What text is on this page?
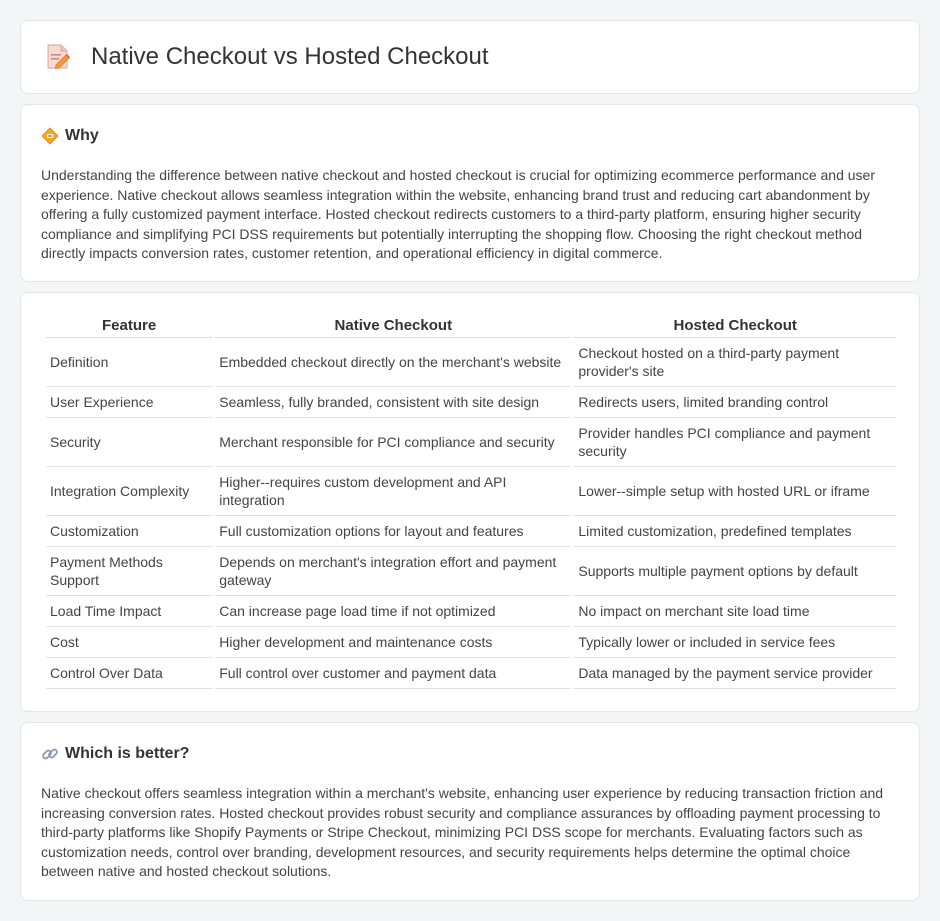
Native Checkout vs Hosted Checkout
Why

Understanding the difference between native checkout and hosted checkout is crucial for optimizing ecommerce performance and user experience. Native checkout allows seamless integration within the website, enhancing brand trust and reducing cart abandonment by offering a fully customized payment interface. Hosted checkout redirects customers to a third-party platform, ensuring higher security compliance and simplifying PCI DSS requirements but potentially interrupting the shopping flow. Choosing the right checkout method directly impacts conversion rates, customer retention, and operational efficiency in digital commerce.

Feature	Native Checkout	Hosted Checkout
Definition	Embedded checkout directly on the merchant's website	Checkout hosted on a third-party payment provider's site
User Experience	Seamless, fully branded, consistent with site design	Redirects users, limited branding control
Security	Merchant responsible for PCI compliance and security	Provider handles PCI compliance and payment security
Integration Complexity	Higher--requires custom development and API integration	Lower--simple setup with hosted URL or iframe
Customization	Full customization options for layout and features	Limited customization, predefined templates
Payment Methods Support	Depends on merchant's integration effort and payment gateway	Supports multiple payment options by default
Load Time Impact	Can increase page load time if not optimized	No impact on merchant site load time
Cost	Higher development and maintenance costs	Typically lower or included in service fees
Control Over Data	Full control over customer and payment data	Data managed by the payment service provider
Which is better?

Native checkout offers seamless integration within a merchant's website, enhancing user experience by reducing transaction friction and increasing conversion rates. Hosted checkout provides robust security and compliance assurances by offloading payment processing to third-party platforms like Shopify Payments or Stripe Checkout, minimizing PCI DSS scope for merchants. Evaluating factors such as customization needs, control over branding, development resources, and security requirements helps determine the optimal choice between native and hosted checkout solutions.
